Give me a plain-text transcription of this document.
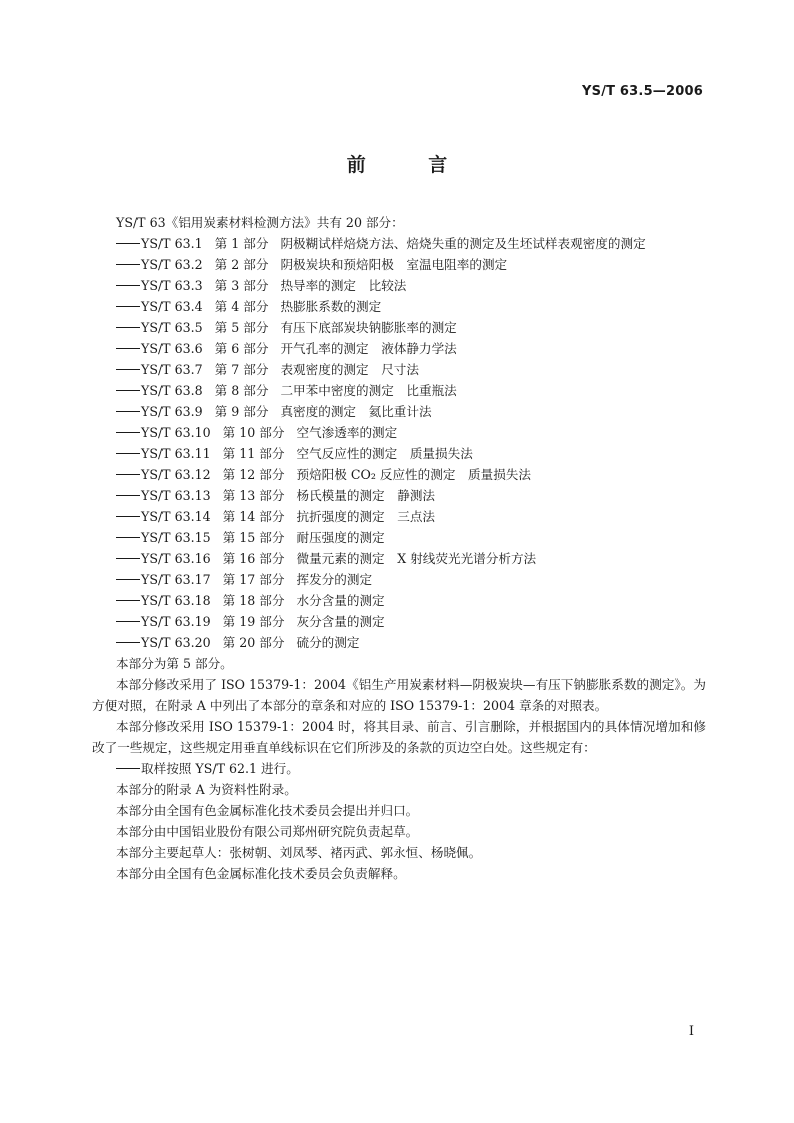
YS/T 63.5—2006
前 言
YS/T 63《铝用炭素材料检测方法》共有 20 部分：
YS/T 63.1 第 1 部分 阴极糊试样焙烧方法、焙烧失重的测定及生坯试样表观密度的测定
YS/T 63.2 第 2 部分 阴极炭块和预焙阳极　室温电阻率的测定
YS/T 63.3 第 3 部分 热导率的测定　比较法
YS/T 63.4 第 4 部分 热膨胀系数的测定
YS/T 63.5 第 5 部分 有压下底部炭块钠膨胀率的测定
YS/T 63.6 第 6 部分 开气孔率的测定　液体静力学法
YS/T 63.7 第 7 部分 表观密度的测定　尺寸法
YS/T 63.8 第 8 部分 二甲苯中密度的测定　比重瓶法
YS/T 63.9 第 9 部分 真密度的测定　氦比重计法
YS/T 63.10 第 10 部分 空气渗透率的测定
YS/T 63.11 第 11 部分 空气反应性的测定　质量损失法
YS/T 63.12 第 12 部分 预焙阳极 CO₂ 反应性的测定　质量损失法
YS/T 63.13 第 13 部分 杨氏模量的测定　静测法
YS/T 63.14 第 14 部分 抗折强度的测定　三点法
YS/T 63.15 第 15 部分 耐压强度的测定
YS/T 63.16 第 16 部分 微量元素的测定　X 射线荧光光谱分析方法
YS/T 63.17 第 17 部分 挥发分的测定
YS/T 63.18 第 18 部分 水分含量的测定
YS/T 63.19 第 19 部分 灰分含量的测定
YS/T 63.20 第 20 部分 硫分的测定
本部分为第 5 部分。
本部分修改采用了 ISO 15379-1：2004《铝生产用炭素材料—阴极炭块—有压下钠膨胀系数的测定》。为方便对照，在附录 A 中列出了本部分的章条和对应的 ISO 15379-1：2004 章条的对照表。
本部分修改采用 ISO 15379-1：2004 时，将其目录、前言、引言删除，并根据国内的具体情况增加和修改了一些规定，这些规定用垂直单线标识在它们所涉及的条款的页边空白处。这些规定有：
取样按照 YS/T 62.1 进行。
本部分的附录 A 为资料性附录。
本部分由全国有色金属标准化技术委员会提出并归口。
本部分由中国铝业股份有限公司郑州研究院负责起草。
本部分主要起草人：张树朝、刘凤琴、褚丙武、郭永恒、杨晓佩。
本部分由全国有色金属标准化技术委员会负责解释。
I
